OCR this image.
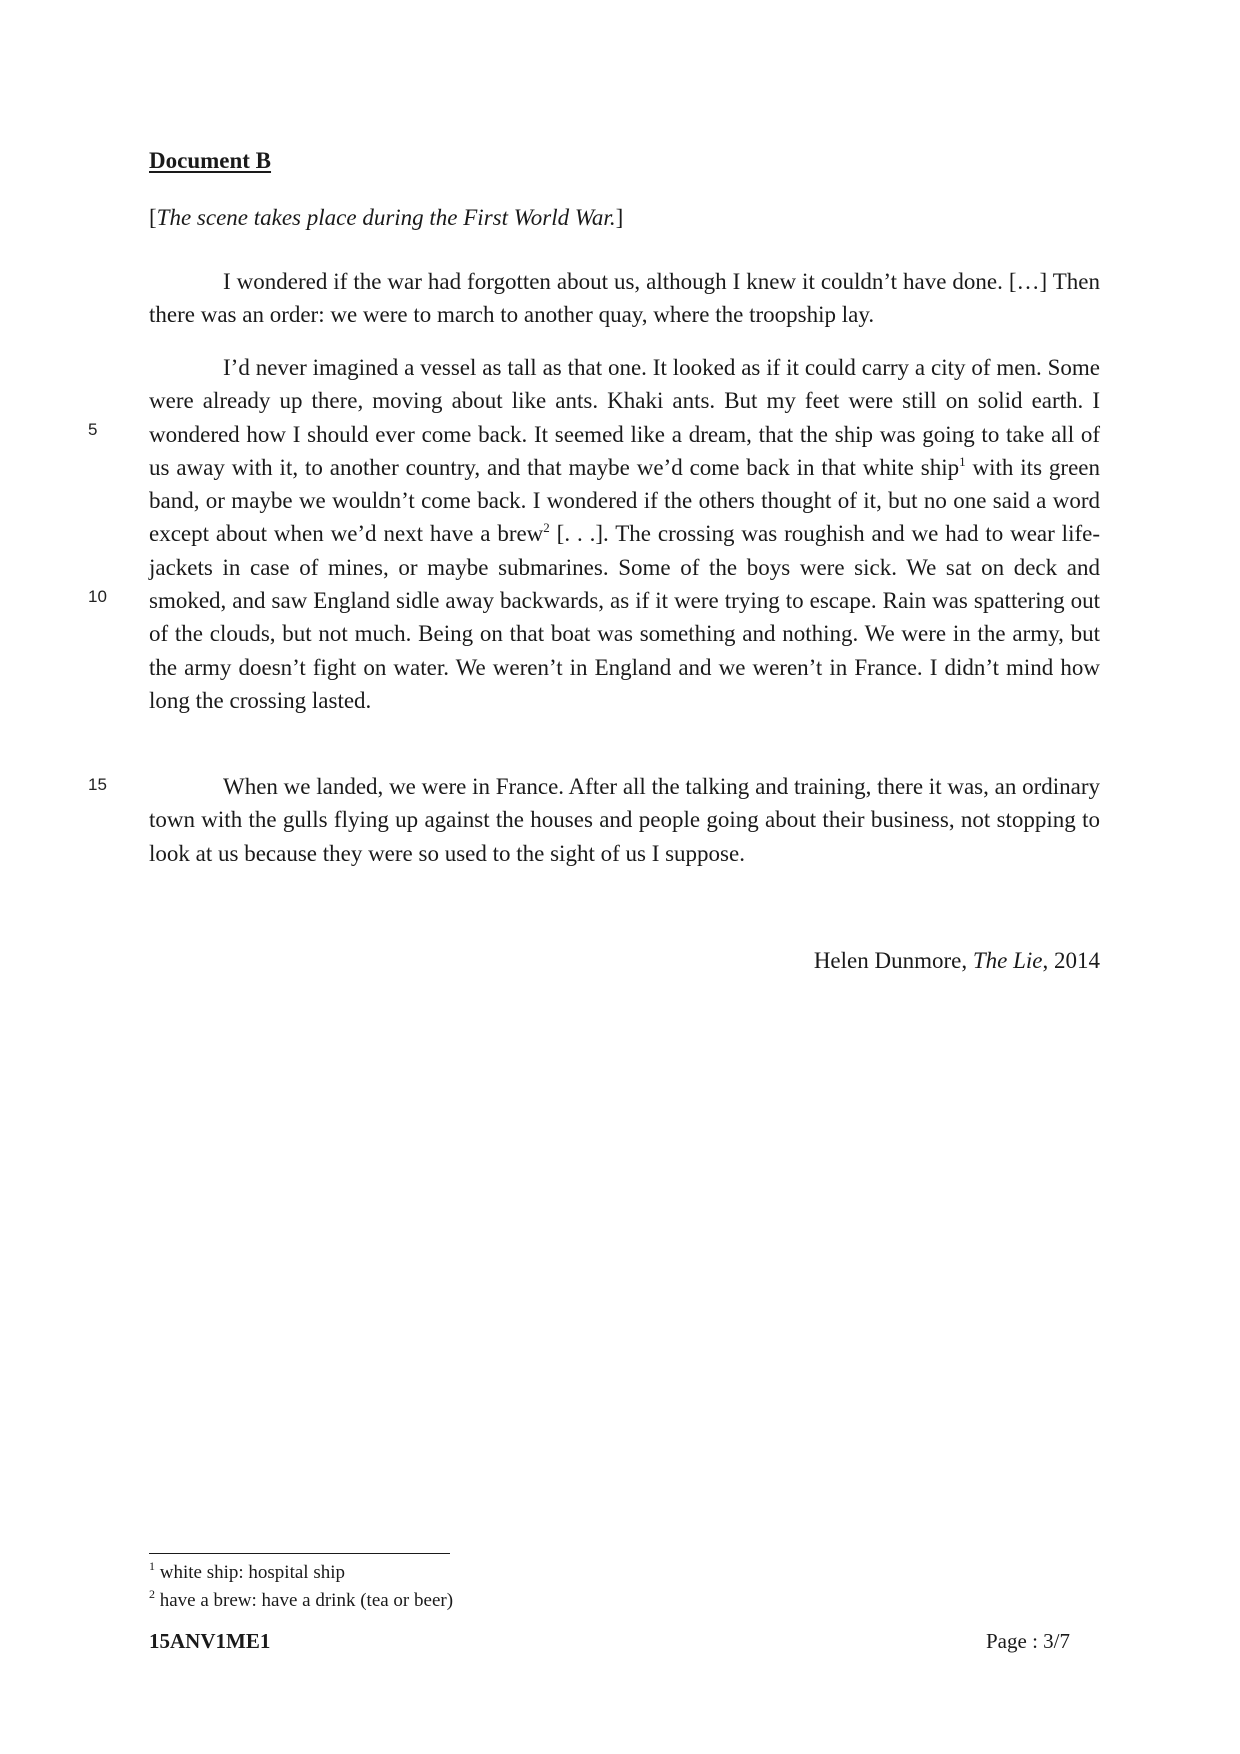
Document B
[The scene takes place during the First World War.]

I wondered if the war had forgotten about us, although I knew it couldn’t have done. […] Then there was an order: we were to march to another quay, where the troopship lay.

I’d never imagined a vessel as tall as that one. It looked as if it could carry a city of men. Some were already up there, moving about like ants. Khaki ants. But my feet were still on solid earth. I wondered how I should ever come back. It seemed like a dream, that the ship was going to take all of us away with it, to another country, and that maybe we’d come back in that white ship$^1$ with its green band, or maybe we wouldn’t come back. I wondered if the others thought of it, but no one said a word except about when we’d next have a brew$^2$ [. . .]. The crossing was roughish and we had to wear life-jackets in case of mines, or maybe submarines. Some of the boys were sick. We sat on deck and smoked, and saw England sidle away backwards, as if it were trying to escape. Rain was spattering out of the clouds, but not much. Being on that boat was something and nothing. We were in the army, but the army doesn’t fight on water. We weren’t in England and we weren’t in France. I didn’t mind how long the crossing lasted.

When we landed, we were in France. After all the talking and training, there it was, an ordinary town with the gulls flying up against the houses and people going about their business, not stopping to look at us because they were so used to the sight of us I suppose.

5
10
15
Helen Dunmore, The Lie, 2014
$^1$ white ship: hospital ship
$^2$ have a brew: have a drink (tea or beer)
15ANV1ME1	Page : 3/7
